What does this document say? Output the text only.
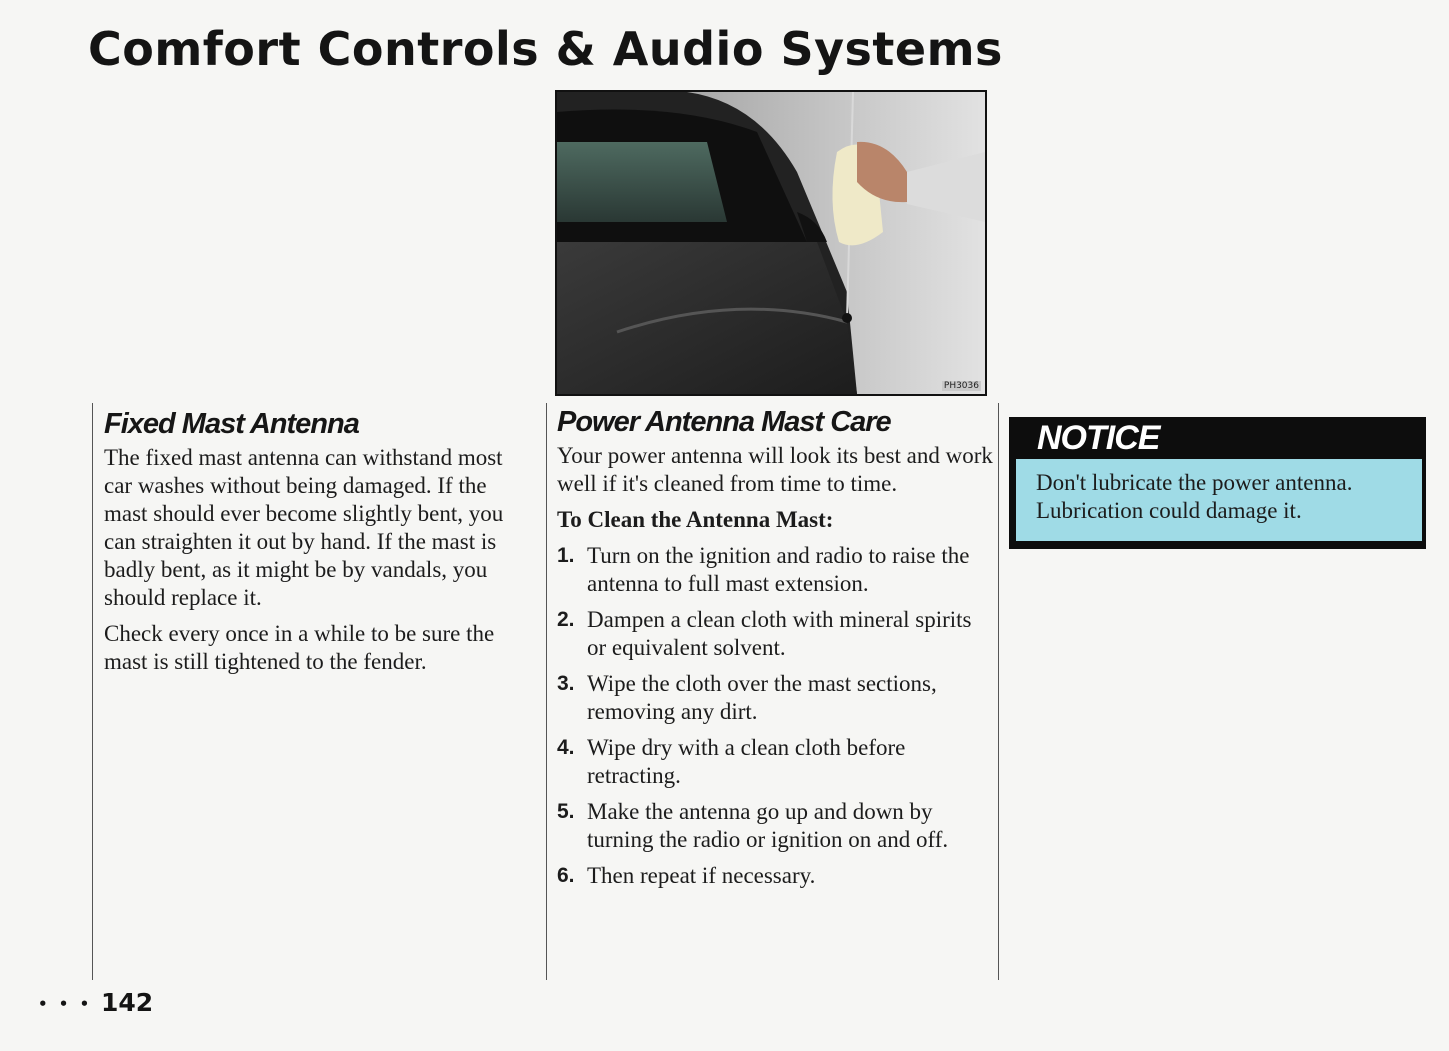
Comfort Controls & Audio Systems
PH3036
Fixed Mast Antenna

The fixed mast antenna can withstand most car washes without being damaged. If the mast should ever become slightly bent, you can straighten it out by hand. If the mast is badly bent, as it might be by vandals, you should replace it.

Check every once in a while to be sure the mast is still tightened to the fender.

Power Antenna Mast Care

Your power antenna will look its best and work well if it's cleaned from time to time.

To Clean the Antenna Mast:

1. Turn on the ignition and radio to raise the antenna to full mast extension.
2. Dampen a clean cloth with mineral spirits or equivalent solvent.
3. Wipe the cloth over the mast sections, removing any dirt.
4. Wipe dry with a clean cloth before retracting.
5. Make the antenna go up and down by turning the radio or ignition on and off.
6. Then repeat if necessary.
NOTICE
Don't lubricate the power antenna. Lubrication could damage it.
• • • 142
